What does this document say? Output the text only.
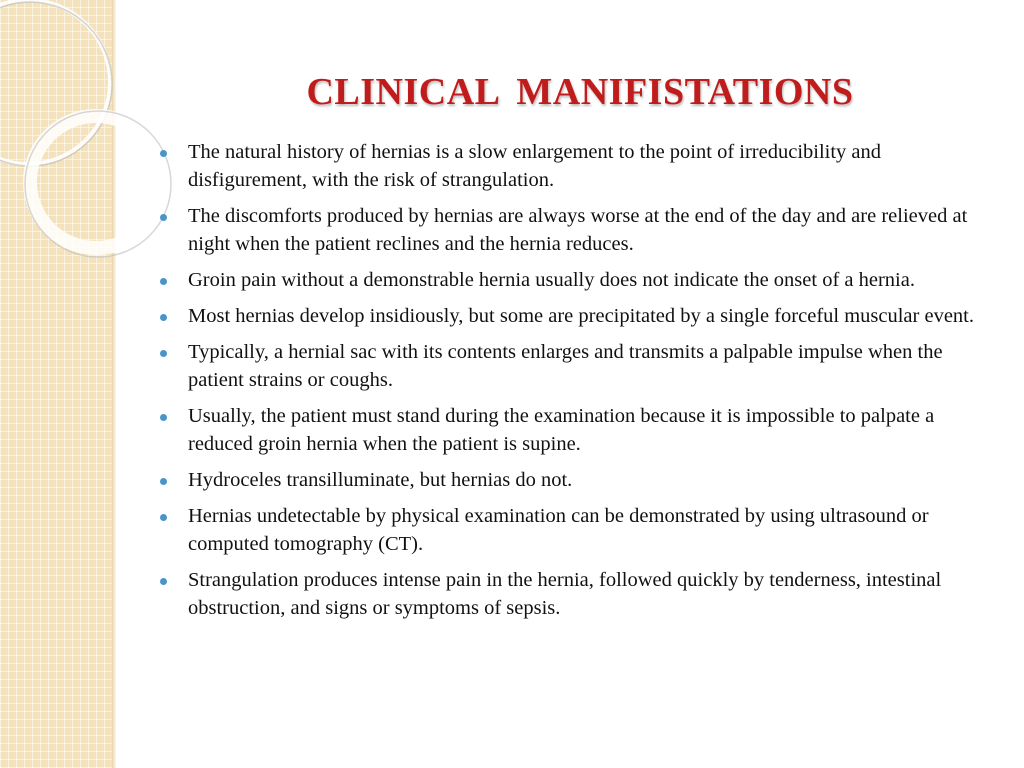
CLINICAL MANIFISTATIONS
The natural history of hernias is a slow enlargement to the point of irreducibility and disfigurement, with the risk of strangulation.
The discomforts produced by hernias are always worse at the end of the day and are relieved at night when the patient reclines and the hernia reduces.
Groin pain without a demonstrable hernia usually does not indicate the onset of a hernia.
Most hernias develop insidiously, but some are precipitated by a single forceful muscular event.
Typically, a hernial sac with its contents enlarges and transmits a palpable impulse when the patient strains or coughs.
Usually, the patient must stand during the examination because it is impossible to palpate a reduced groin hernia when the patient is supine.
Hydroceles transilluminate, but hernias do not.
Hernias undetectable by physical examination can be demonstrated by using ultrasound or computed tomography (CT).
Strangulation produces intense pain in the hernia, followed quickly by tenderness, intestinal obstruction, and signs or symptoms of sepsis.
